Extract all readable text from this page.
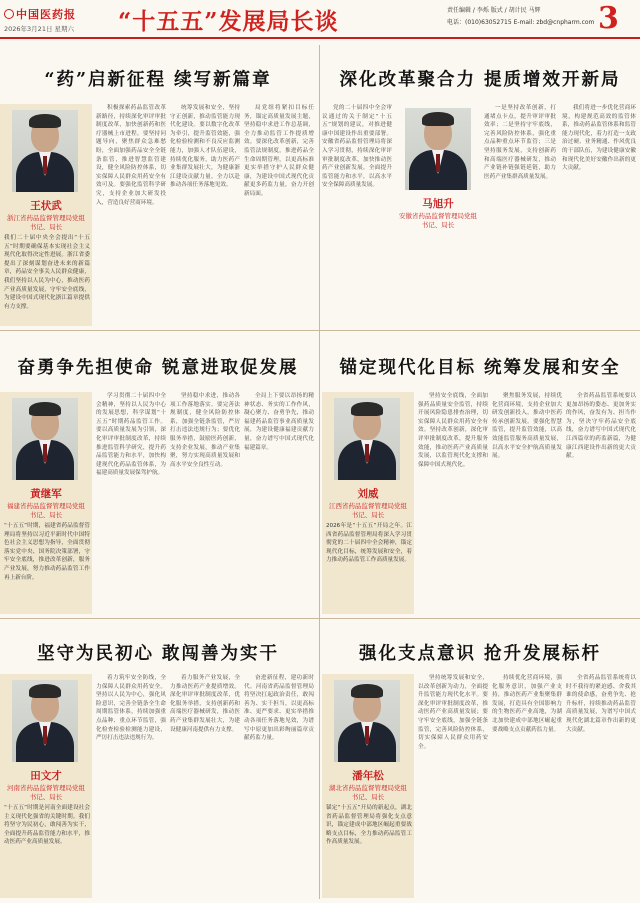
中国医药报
2026年3月21日 星期六 “十五五”发展局长谈	责任编辑 / 李烁 版式 / 胡计民 马辉
电话：(010)63052715 E-mail: zbd@cnpharm.com 3
“药”启新征程 续写新篇章
王状武
浙江省药品监督管理局党组书记、局长
我们二十届中央全会提出“十五五”时期要确保基本实现社会主义现代化取得决定性进展。浙江省委提出了深刻谋划奋进未来的新篇章，药品安全事关人民群众健康，我们坚持以人民为中心，推动医药产业高质量发展，守牢安全底线，为建设中国式现代化浙江篇章提供有力支撑。
积极探索药品监管改革新路径，持续深化审评审批制度改革，加快创新药和医疗器械上市进程。要坚持问题导向，聚焦群众急难愁盼，全面加强药品安全全链条监管，推进智慧监管建设，健全风险防控体系，切实保障人民群众用药安全有效可及。要强化监管科学研究，支持企业加大研发投入，营造良好营商环境。
统筹发展和安全，坚持守正创新，推动监管能力现代化建设。要以数字化改革为牵引，提升监管效能，强化检验检测和不良反应监测能力，加强人才队伍建设，持续优化服务，助力医药产业集群发展壮大，为健康浙江建设贡献力量。全力以赴推动各项任务落地见效。
局党组将紧扣目标任务，锚定高质量发展主题，坚持稳中求进工作总基调，全力推动监管工作提质增效。要深化改革创新，完善监管法规制度，推进药品全生命周期管理，以更高标准更实举措守护人民群众健康，为建设中国式现代化贡献更多药监力量，奋力开创新局面。
深化改革聚合力 提质增效开新局
党的二十届四中全会审议通过的关于制定“十五五”规划的建议，对推进健康中国建设作出重要部署。安徽省药品监督管理局将深入学习贯彻，持续深化审评审批制度改革，加快推动医药产业创新发展，全面提升监管能力和水平，以高水平安全保障高质量发展。
马旭升
安徽省药品监督管理局党组书记、局长
一是坚持改革创新，打通堵点卡点，提升审评审批效率；二是坚持守牢底线，完善风险防控体系，强化重点品种重点环节监管；三是坚持服务发展，支持创新药和高端医疗器械研发，推动产业链补链强链延链，助力医药产业集群高质量发展。
我们将进一步优化营商环境，构建规范高效的监管体系，推动药品监管体系和监管能力现代化，着力打造一支政治过硬、业务精通、作风优良的干部队伍，为建设健康安徽和现代化美好安徽作出新的更大贡献。
奋勇争先担使命 锐意进取促发展
黄继军
福建省药品监督管理局党组书记、局长
“十五五”时期，福建省药品监督管理局将坚持以习近平新时代中国特色社会主义思想为指导，全面贯彻落实党中央、国务院决策部署，守牢安全底线，推进改革创新，服务产业发展，努力推动药品监管工作再上新台阶。
学习贯彻二十届四中全会精神，坚持以人民为中心的发展思想，科学谋划“十五五”时期药品监管工作。要以高质量发展为引领，深化审评审批制度改革，持续推进监管科学研究，提升药品监管能力和水平，加快构建现代化药品监管体系，为福建高质量发展保驾护航。
坚持稳中求进，推动各项工作落地落实。要完善法规制度，健全风险防控体系，加强全链条监管，严厉打击违法违规行为；要优化服务举措，鼓励医药创新，支持企业发展，推动产业集聚，努力实现高质量发展和高水平安全良性互动。
全局上下要以昂扬的精神状态、务实的工作作风，凝心聚力、奋勇争先，推动福建药品监管事业高质量发展，为建设健康福建贡献力量，奋力谱写中国式现代化福建篇章。
锚定现代化目标 统筹发展和安全
刘威
江西省药品监督管理局党组书记、局长
2026年是“十五五”开局之年。江西省药品监督管理局将深入学习贯彻党的二十届四中全会精神，锚定现代化目标，统筹发展和安全，着力推动药品监管工作高质量发展。
坚持安全底线，全面加强药品质量安全监管，持续开展风险隐患排查治理，切实保障人民群众用药安全有效。坚持改革创新，深化审评审批制度改革，提升服务效能，推动医药产业高质量发展，以监管现代化支撑和保障中国式现代化。
聚焦服务发展，持续优化营商环境，支持企业加大研发创新投入，推动中医药传承创新发展。要强化智慧监管，提升监管效能，以高效能监管服务高质量发展，以高水平安全护航高质量发展。
全省药品监管系统要以更加昂扬的姿态、更加务实的作风，奋发有为、担当作为，坚决守牢药品安全底线，奋力谱写中国式现代化江西篇章的药监新篇，为健康江西建设作出新的更大贡献。
坚守为民初心 敢闯善为实干
田文才
河南省药品监督管理局党组书记、局长
“十五五”时期是河南全面建设社会主义现代化强省的关键时期。我们将坚守为民初心，敢闯善为实干，全面提升药品监管能力和水平，推动医药产业高质量发展。
着力筑牢安全防线，全力保障人民群众用药安全。坚持以人民为中心，强化风险意识，完善全链条全生命周期监管体系，持续加强重点品种、重点环节监管，强化检查检验检测能力建设，严厉打击违法违规行为。
着力服务产业发展，全力推动医药产业提质增效。深化审评审批制度改革，优化服务举措，支持创新药和高端医疗器械研发，推动医药产业集群发展壮大，为建设健康河南提供有力支撑。
奋进新征程，建功新时代。河南省药品监督管理局将坚决扛起政治责任，敢闯善为、实干担当，以更高标准、更严要求、更实举措推动各项任务落地见效，为谱写中原更加出彩绚丽篇章贡献药监力量。
强化支点意识 抢升发展标杆
潘年松
湖北省药品监督管理局党组书记、局长
锚定“十五五”开局的新起点，湖北省药品监督管理局将强化支点意识，锚定建成中部地区崛起重要战略支点目标，全力推动药品监管工作高质量发展。
坚持统筹发展和安全，以改革创新为动力，全面提升监管能力现代化水平。要深化审评审批制度改革，推动医药产业高质量发展；要守牢安全底线，加强全链条监管，完善风险防控体系，切实保障人民群众用药安全。
持续优化营商环境，强化服务意识，加强产业支持，推动医药产业集聚集群发展，打造具有全国影响力的生物医药产业高地，为湖北加快建成中部地区崛起重要战略支点贡献药监力量。
全省药品监管系统将以时不我待的紧迫感、舍我其谁的使命感，奋勇争先、抢升标杆，持续推动药品监管高质量发展，为谱写中国式现代化湖北篇章作出新的更大贡献。
